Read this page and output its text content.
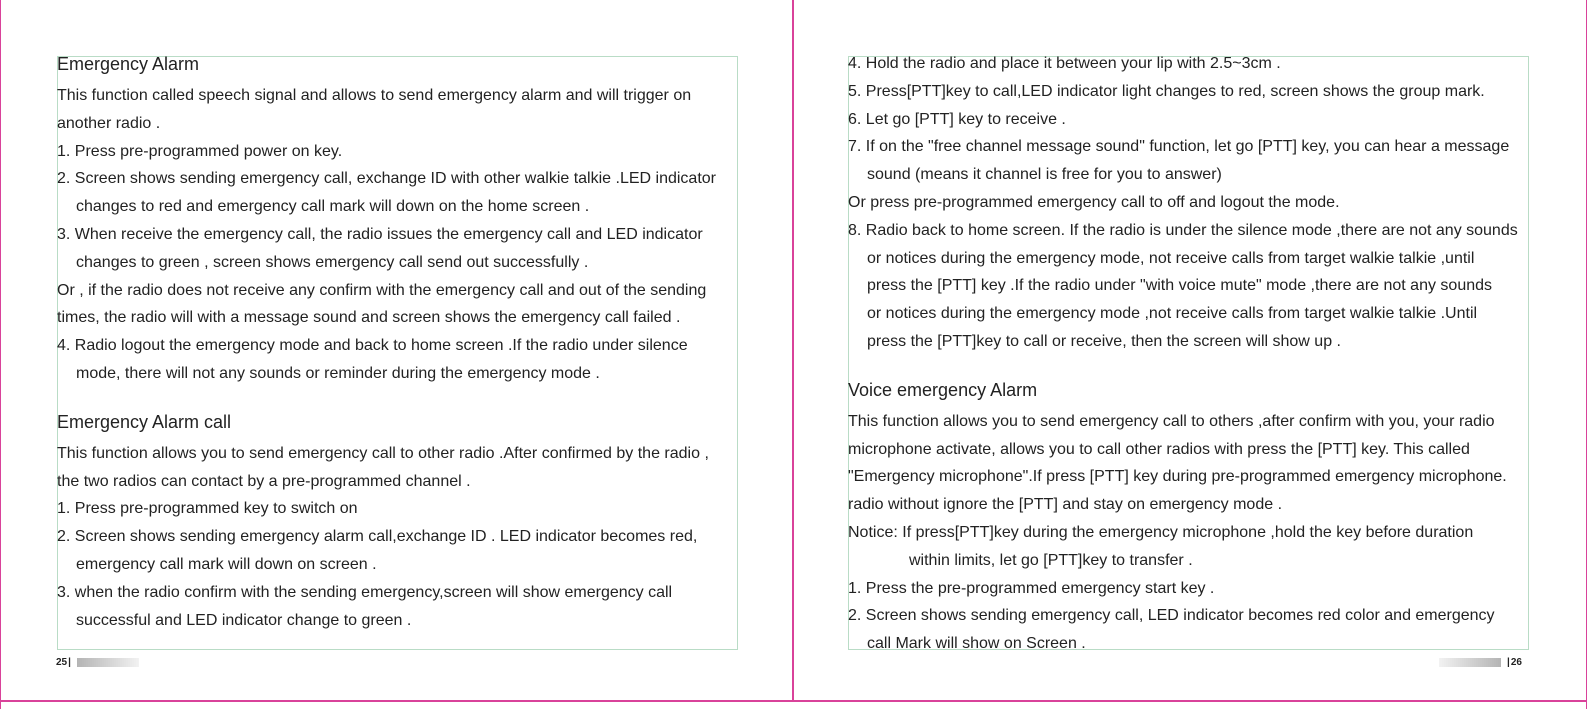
Emergency Alarm

This function called speech signal and allows to send emergency alarm and will trigger on

another radio .

1. Press pre-programmed power on key.

2. Screen shows sending emergency call, exchange ID with other walkie talkie .LED indicator

changes to red and emergency call mark will down on the home screen .

3. When receive the emergency call, the radio issues the emergency call and LED indicator

changes to green , screen shows emergency call send out successfully .

Or , if the radio does not receive any confirm with the emergency call and out of the sending

times, the radio will with a message sound and screen shows the emergency call failed .

4. Radio logout the emergency mode and back to home screen .If the radio under silence

mode, there will not any sounds or reminder during the emergency mode .

Emergency Alarm call

This function allows you to send emergency call to other radio .After confirmed by the radio ,

the two radios can contact by a pre-programmed channel .

1. Press pre-programmed key to switch on

2. Screen shows sending emergency alarm call,exchange ID . LED indicator becomes red,

emergency call mark will down on screen .

3. when the radio confirm with the sending emergency,screen will show emergency call

successful and LED indicator change to green .

25 |

4. Hold the radio and place it between your lip with 2.5~3cm .

5. Press[PTT]key to call,LED indicator light changes to red, screen shows the group mark.

6. Let go [PTT] key to receive .

7. If on the "free channel message sound" function, let go [PTT] key, you can hear a message

sound (means it channel is free for you to answer)

Or press pre-programmed emergency call to off and logout the mode.

8. Radio back to home screen. If the radio is under the silence mode ,there are not any sounds

or notices during the emergency mode, not receive calls from target walkie talkie ,until

press the [PTT] key .If the radio under "with voice mute" mode ,there are not any sounds

or notices during the emergency mode ,not receive calls from target walkie talkie .Until

press the [PTT]key to call or receive, then the screen will show up .

Voice emergency Alarm

This function allows you to send emergency call to others ,after confirm with you, your radio

microphone activate, allows you to call other radios with press the [PTT] key. This called

"Emergency microphone".If press [PTT] key during pre-programmed emergency microphone.

radio without ignore the [PTT] and stay on emergency mode .

Notice: If press[PTT]key during the emergency microphone ,hold the key before duration

within limits, let go [PTT]key to transfer .

1. Press the pre-programmed emergency start key .

2. Screen shows sending emergency call, LED indicator becomes red color and emergency

call Mark will show on Screen .

| 26
